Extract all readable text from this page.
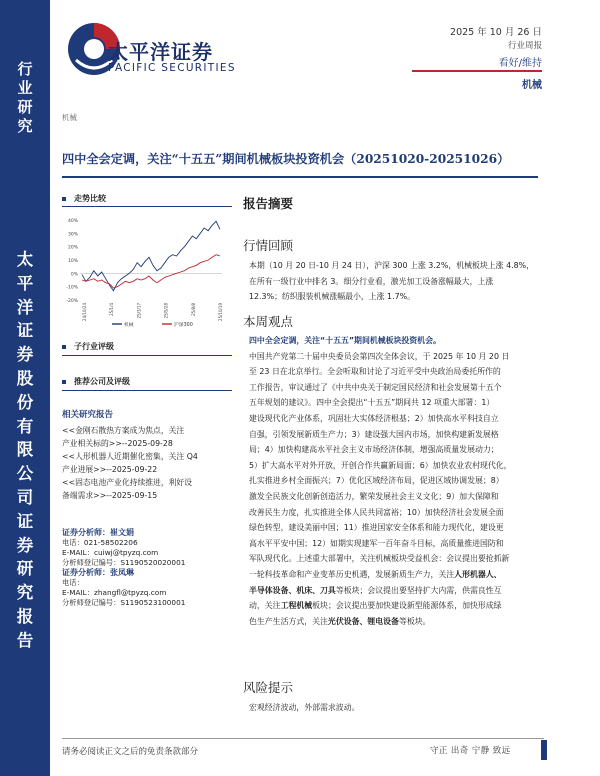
行
业
研
究
太
平
洋
证
券
股
份
有
限
公
司
证
券
研
究
报
告
太平洋证券
PACIFIC SECURITIES
2025 年 10 月 26 日
行业周报
看好/维持
机械
机械
四中全会定调，关注“十五五”期间机械板块投资机会（20251020-20251026）
走势比较
40%
30%
20%
10%
0%
-10%
-20%
24/10/24	25/1/4	25/3/17	25/5/28	25/8/8	25/10/19
机械	沪深300
子行业评级
推荐公司及评级
相关研究报告
<<金刚石散热方案成为焦点，关注
产业相关标的>>--2025-09-28
<<人形机器人近期催化密集，关注 Q4
产业进展>>--2025-09-22
<<固态电池产业化持续推进，利好设
备端需求>>--2025-09-15
证券分析师：崔文娟
电话：021-58502206
E-MAIL：cuiwj@tpyzq.com
分析师登记编号：S1190520020001
证券分析师：张凤琳
电话：
E-MAIL：zhangfl@tpyzq.com
分析师登记编号：S1190523100001
报告摘要
行情回顾
本期（10 月 20 日-10 月 24 日），沪深 300 上涨 3.2%，机械板块上涨 4.8%，
在所有一级行业中排名 3。细分行业看，激光加工设备涨幅最大，上涨
12.3%；纺织服装机械涨幅最小，上涨 1.7%。
本周观点
四中全会定调，关注“十五五”期间机械板块投资机会。
中国共产党第二十届中央委员会第四次全体会议，于 2025 年 10 月 20 日
至 23 日在北京举行。全会听取和讨论了习近平受中央政治局委托所作的
工作报告，审议通过了《中共中央关于制定国民经济和社会发展第十五个
五年规划的建议》。四中全会提出“十五五”期间共 12 项重大部署：1）
建设现代化产业体系，巩固壮大实体经济根基；2）加快高水平科技自立
自强，引领发展新质生产力；3）建设强大国内市场，加快构建新发展格
局；4）加快构建高水平社会主义市场经济体制，增强高质量发展动力；
5）扩大高水平对外开放，开创合作共赢新局面；6）加快农业农村现代化，
扎实推进乡村全面振兴；7）优化区域经济布局，促进区域协调发展；8）
激发全民族文化创新创造活力，繁荣发展社会主义文化；9）加大保障和
改善民生力度，扎实推进全体人民共同富裕；10）加快经济社会发展全面
绿色转型，建设美丽中国；11）推进国家安全体系和能力现代化，建设更
高水平平安中国；12）如期实现建军一百年奋斗目标，高质量推进国防和
军队现代化。上述重大部署中，关注机械板块受益机会：会议提出要抢抓新
一轮科技革命和产业变革历史机遇，发展新质生产力，关注人形机器人、
半导体设备、机床、刀具等板块；会议提出要坚持扩大内需，供需良性互
动，关注工程机械板块；会议提出要加快建设新型能源体系，加快形成绿
色生产生活方式，关注光伏设备、锂电设备等板块。
风险提示
宏观经济波动，外部需求波动。
请务必阅读正文之后的免责条款部分	守正 出奇 宁静 致远
